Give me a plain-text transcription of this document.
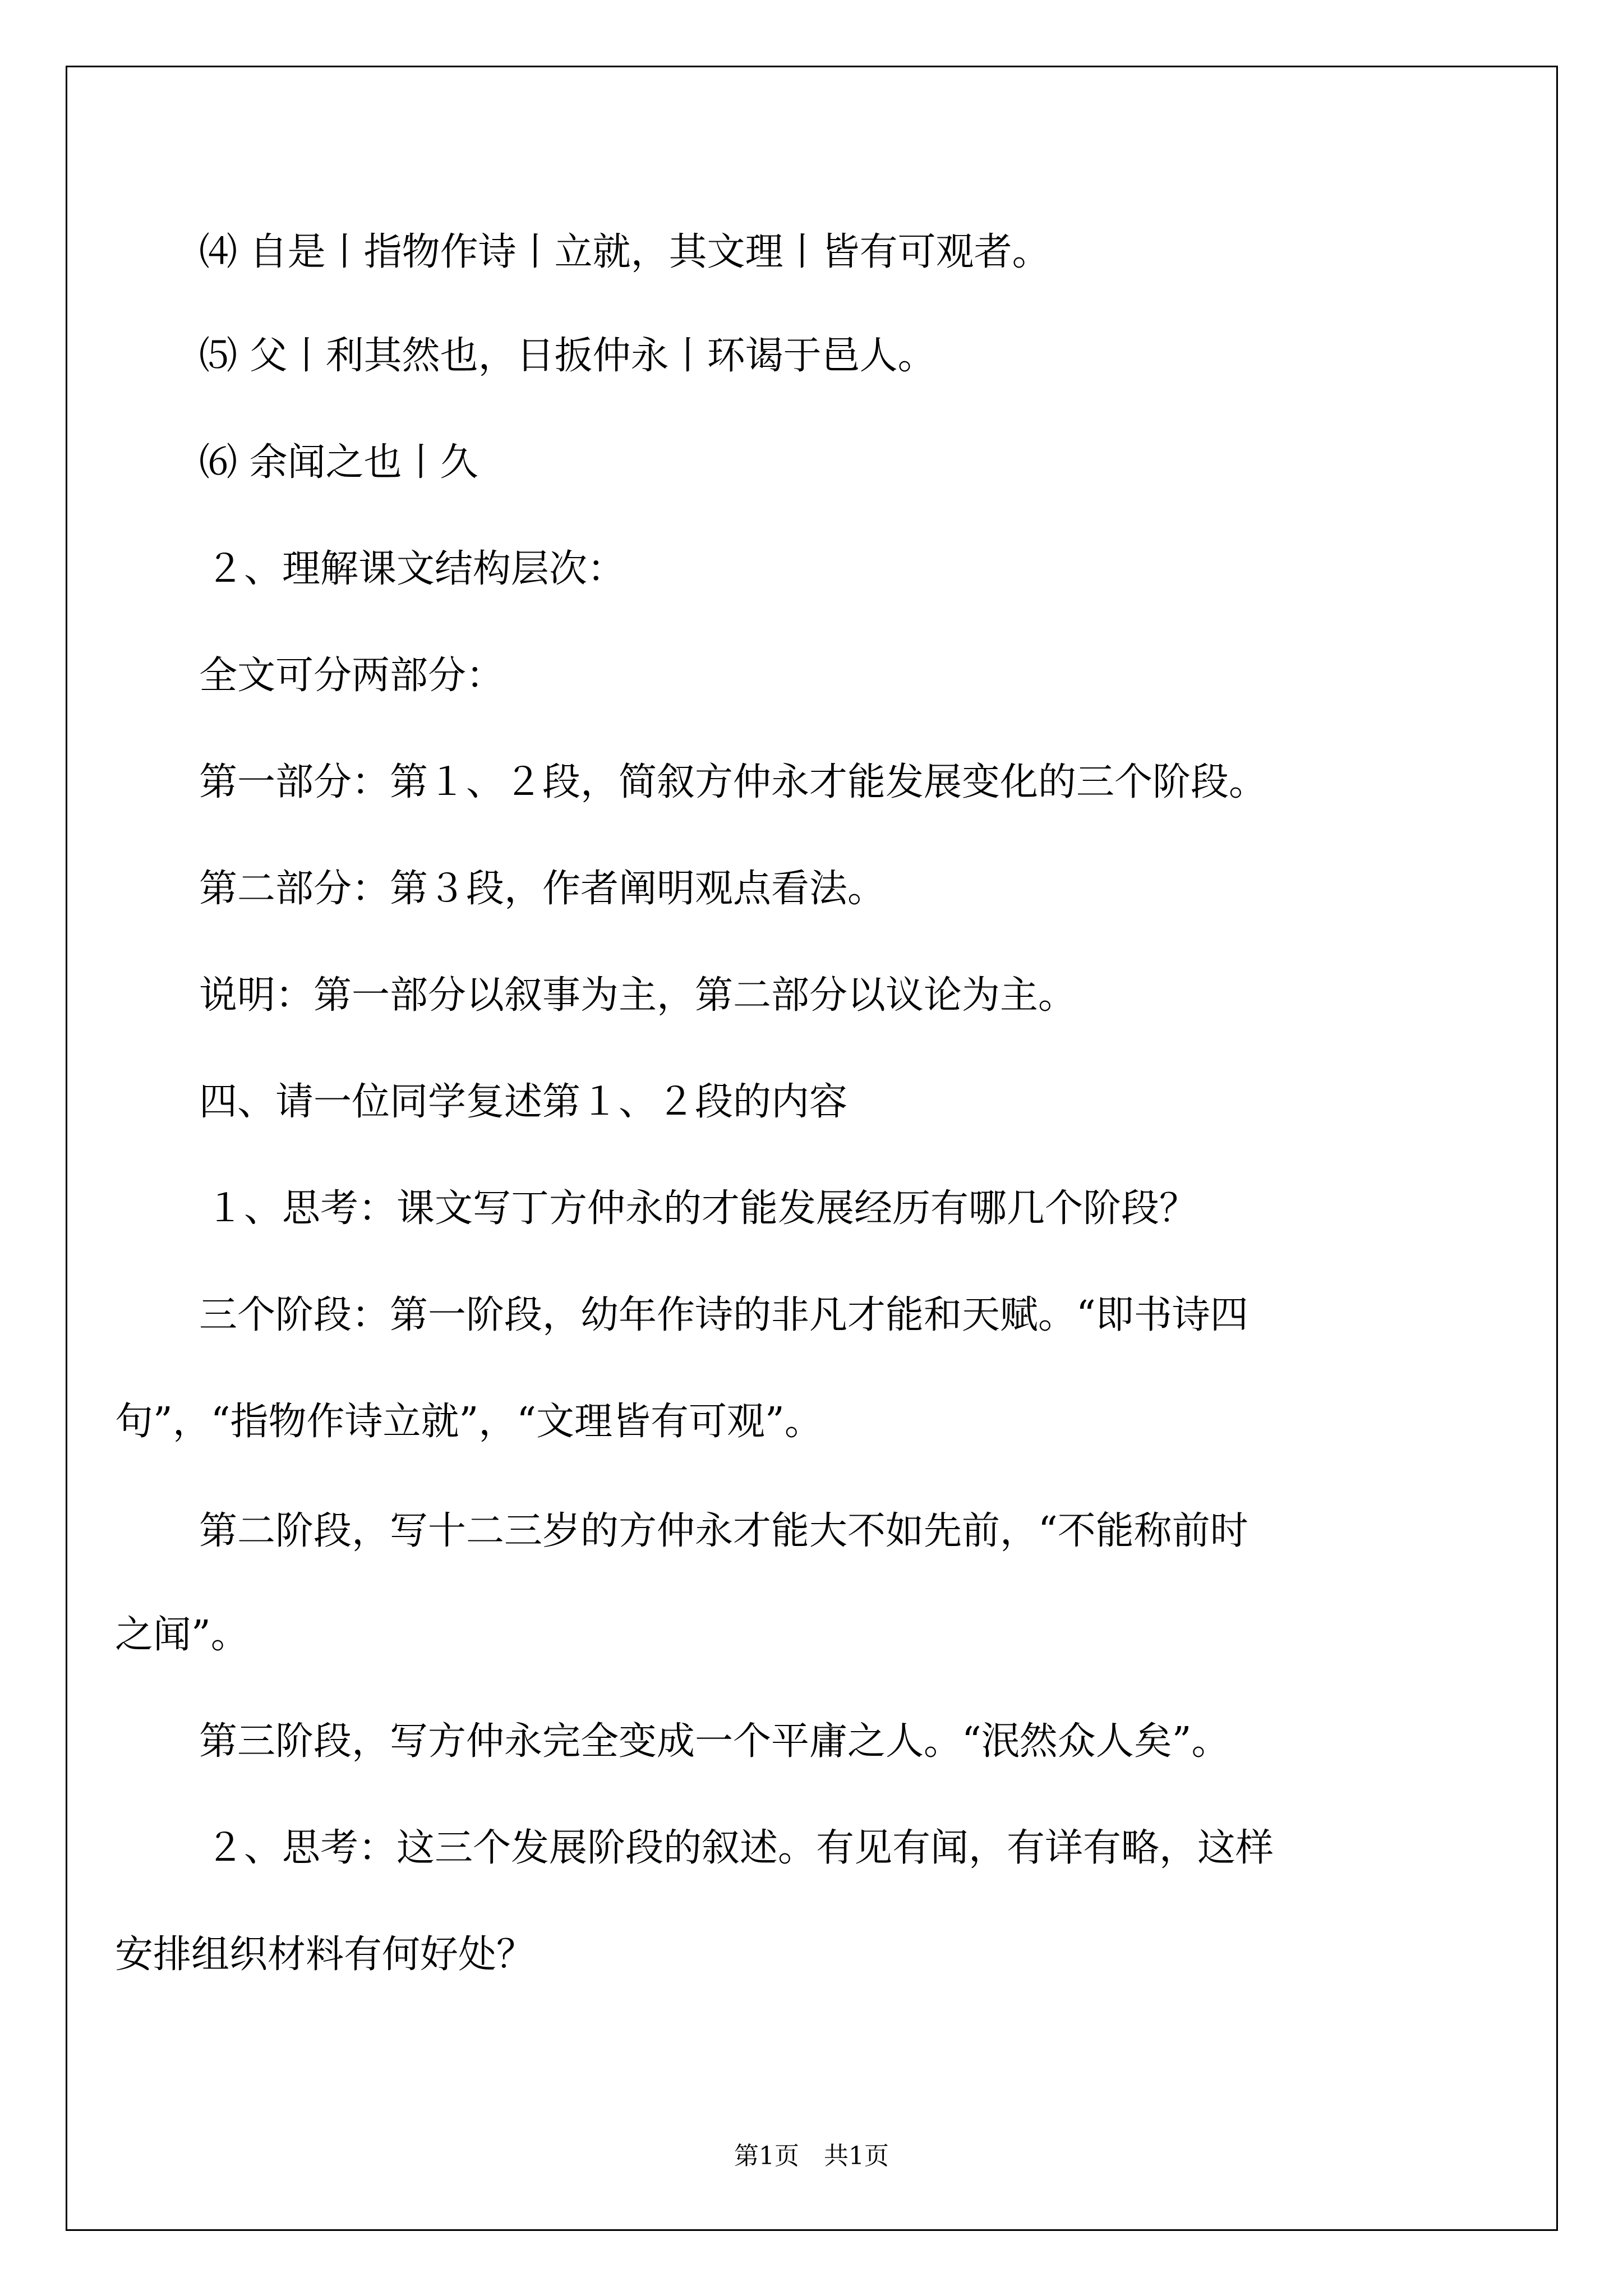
⑷ 自是丨指物作诗丨立就，其文理丨皆有可观者。
⑸ 父丨利其然也，日扳仲永丨环谒于邑人。
⑹ 余闻之也丨久
２、理解课文结构层次：
全文可分两部分：
第一部分：第１、２段，简叙方仲永才能发展变化的三个阶段。
第二部分：第３段，作者阐明观点看法。
说明：第一部分以叙事为主，第二部分以议论为主。
四、请一位同学复述第１、２段的内容
１、思考：课文写丁方仲永的才能发展经历有哪几个阶段？
三个阶段：第一阶段，幼年作诗的非凡才能和天赋。“即书诗四
句”，“指物作诗立就”，“文理皆有可观”。
第二阶段，写十二三岁的方仲永才能大不如先前，“不能称前时
之闻”。
第三阶段，写方仲永完全变成一个平庸之人。“泯然众人矣”。
２、思考：这三个发展阶段的叙述。有见有闻，有详有略，这样
安排组织材料有何好处？
第1页　共1页
